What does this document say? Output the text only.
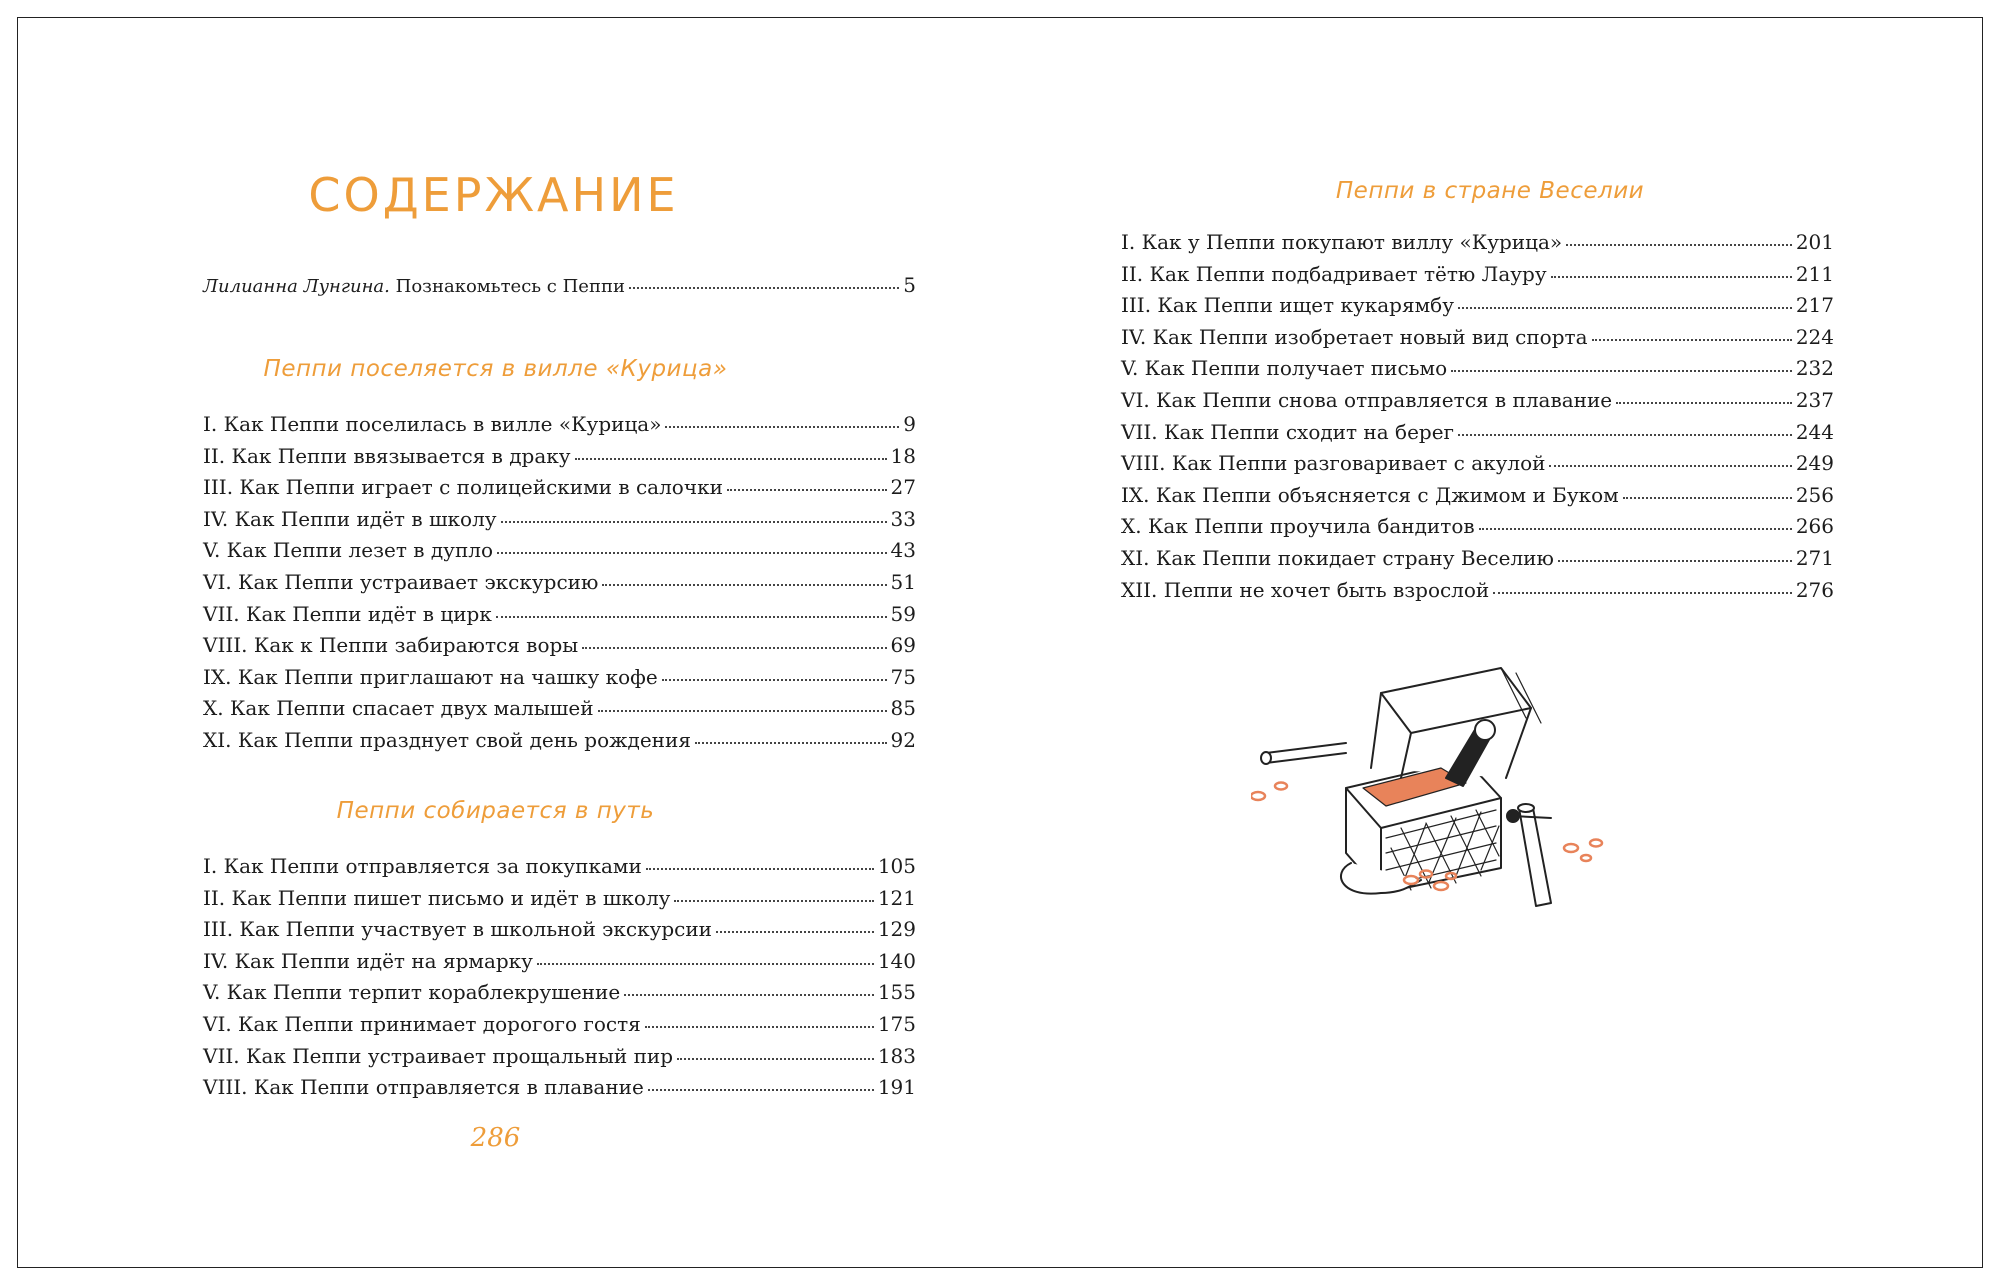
СОДЕРЖАНИЕ
Лилианна Лунгина. Познакомьтесь с Пеппи	5
Пеппи поселяется в вилле «Курица»
I. Как Пеппи поселилась в вилле «Курица»	9
II. Как Пеппи ввязывается в драку	18
III. Как Пеппи играет с полицейскими в салочки	27
IV. Как Пеппи идёт в школу	33
V. Как Пеппи лезет в дупло	43
VI. Как Пеппи устраивает экскурсию	51
VII. Как Пеппи идёт в цирк	59
VIII. Как к Пеппи забираются воры	69
IX. Как Пеппи приглашают на чашку кофе	75
X. Как Пеппи спасает двух малышей	85
XI. Как Пеппи празднует свой день рождения	92
Пеппи собирается в путь
I. Как Пеппи отправляется за покупками	105
II. Как Пеппи пишет письмо и идёт в школу	121
III. Как Пеппи участвует в школьной экскурсии	129
IV. Как Пеппи идёт на ярмарку	140
V. Как Пеппи терпит кораблекрушение	155
VI. Как Пеппи принимает дорогого гостя	175
VII. Как Пеппи устраивает прощальный пир	183
VIII. Как Пеппи отправляется в плавание	191
286
Пеппи в стране Веселии
I. Как у Пеппи покупают виллу «Курица»	201
II. Как Пеппи подбадривает тётю Лауру	211
III. Как Пеппи ищет кукарямбу	217
IV. Как Пеппи изобретает новый вид спорта	224
V. Как Пеппи получает письмо	232
VI. Как Пеппи снова отправляется в плавание	237
VII. Как Пеппи сходит на берег	244
VIII. Как Пеппи разговаривает с акулой	249
IX. Как Пеппи объясняется с Джимом и Буком	256
X. Как Пеппи проучила бандитов	266
XI. Как Пеппи покидает страну Веселию	271
XII. Пеппи не хочет быть взрослой	276
